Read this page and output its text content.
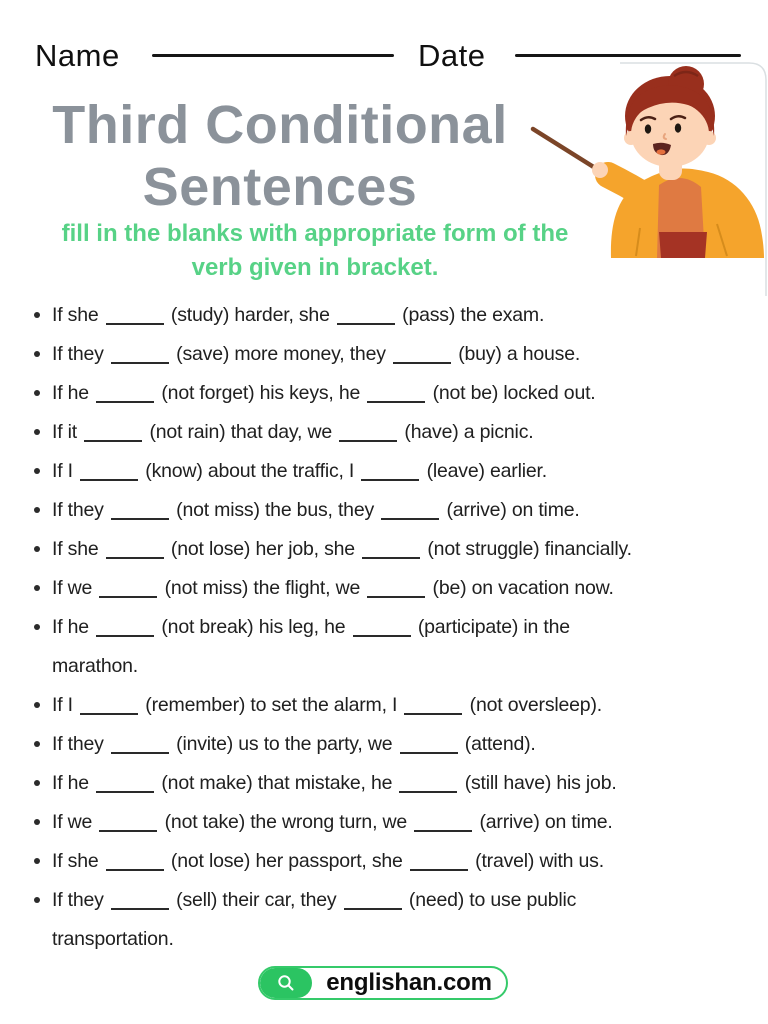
Name	Date
Third Conditional
Sentences
fill in the blanks with appropriate form of the
verb given in bracket.
If she	(study) harder, she	(pass) the exam.
If they	(save) more money, they	(buy) a house.
If he	(not forget) his keys, he	(not be) locked out.
If it	(not rain) that day, we	(have) a picnic.
If I	(know) about the traffic, I	(leave) earlier.
If they	(not miss) the bus, they	(arrive) on time.
If she	(not lose) her job, she	(not struggle) financially.
If we	(not miss) the flight, we	(be) on vacation now.
If he	(not break) his leg, he	(participate) in the
marathon.
If I	(remember) to set the alarm, I	(not oversleep).
If they	(invite) us to the party, we	(attend).
If he	(not make) that mistake, he	(still have) his job.
If we	(not take) the wrong turn, we	(arrive) on time.
If she	(not lose) her passport, she	(travel) with us.
If they	(sell) their car, they	(need) to use public
transportation.
englishan.com
